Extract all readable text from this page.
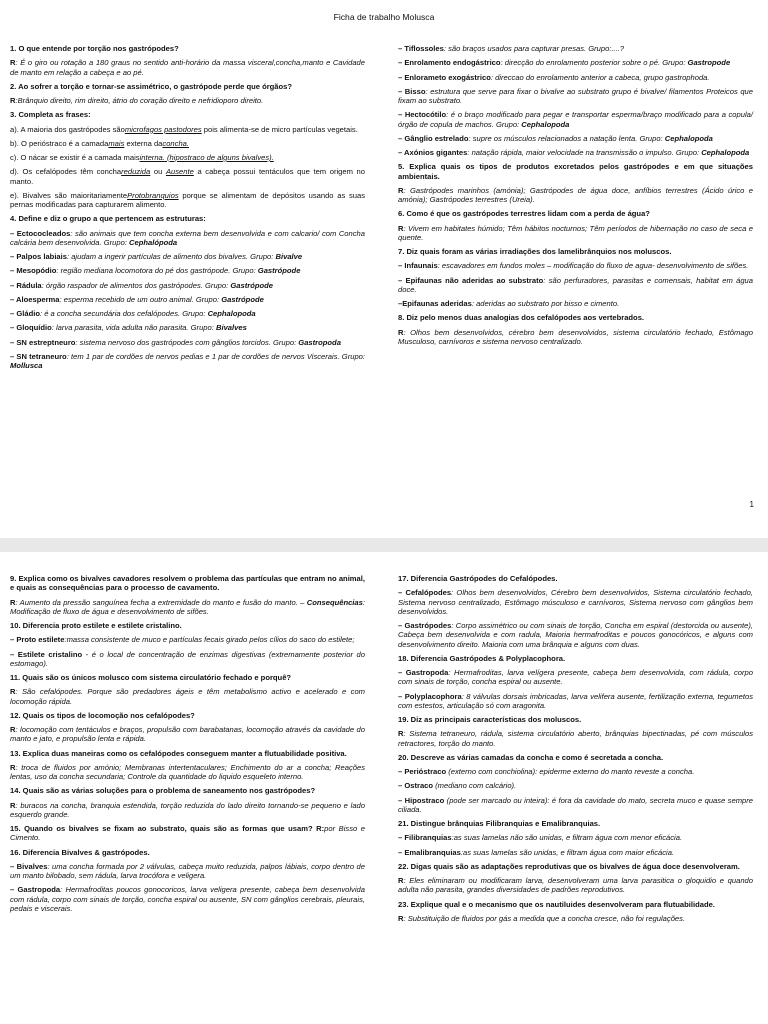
Ficha de trabalho Molusca
1. O que entende por torção nos gastrópodes?
R: É o giro ou rotação a 180 graus no sentido anti-horário da massa visceral,concha,manto e Cavidade de manto em relação a cabeça e ao pé.
2. Ao sofrer a torção e tornar-se assimétrico, o gastrópode perde que órgãos?
R:Brânquio direito, rim direito, átrio do coração direito e nefridioporo direito.
3. Completa as frases:
a). A maioria dos gastrópodes sãomicrofagos pastodores pois alimenta-se de micro partículas vegetais.
b). O perióstraco é a camadamais externa daconcha.
c). O nácar se existir é a camada maisinterna. (hipostraco de alguns bivalves).
d). Os cefalópodes têm conchareduzida ou Ausente a cabeça possui tentáculos que tem origem no manto.
e). Bivalves são maioritariamenteProtobranquios porque se alimentam de depósitos usando as suas pernas modificadas para capturarem alimento.
4. Define e diz o grupo a que pertencem as estruturas:
– Ectococleados: são animais que tem concha externa bem desenvolvida e com calcario/ com Concha calcária bem desenvolvida. Grupo: Cephalópoda
– Palpos labiais: ajudam a ingerir partículas de alimento dos bivalves. Grupo: Bivalve
– Mesopódio: região mediana locomotora do pé dos gastrópode. Grupo: Gastrópode
– Rádula: órgão raspador de alimentos dos gastrópodes. Grupo: Gastrópode
– Aloesperma: esperma recebido de um outro animal. Grupo: Gastrópode
– Gládio: é a concha secundária dos cefalópodes. Grupo: Cephalopoda
– Gloquídio: larva parasita, vida adulta não parasita. Grupo: Bivalves
– SN estreptneuro: sistema nervoso dos gastrópodes com gânglios torcidos. Grupo: Gastropoda
– SN tetraneuro: tem 1 par de cordões de nervos pedias e 1 par de cordões de nervos Viscerais. Grupo: Mollusca
– Tiflossoles: são braços usados para capturar presas. Grupo:....?
– Enrolamento endogástrico: direcção do enrolamento posterior sobre o pé. Grupo: Gastropode
– Enlorameto exogástrico: direccao do enrolamento anterior a cabeca, grupo gastrophoda.
– Bisso: estrutura que serve para fixar o bivalve ao substrato grupo é bivalve/ filamentos Proteicos que fixam ao substrato.
– Hectocótilo: é o braço modificado para pegar e transportar esperma/braço modificado para a copula/órgão de copula de machos. Grupo: Cephalopoda
– Gânglio estrelado: supre os músculos relacionados a natação lenta. Grupo: Cephalopoda
– Axónios gigantes: natação rápida, maior velocidade na transmissão o impulso. Grupo: Cephalopoda
5. Explica quais os tipos de produtos excretados pelos gastrópodes e em que situações ambientais.
R: Gastrópodes marinhos (amónia); Gastrópodes de água doce, anfíbios terrestres (Ácido úrico e amónia); Gastrópodes terrestres (Ureia).
6. Como é que os gastrópodes terrestres lidam com a perda de água?
R: Vivem em habitates húmido; Têm hábitos nocturnos; Têm períodos de hibernação no caso de seca e quente.
7. Diz quais foram as várias irradiações dos lamelibrânquios nos moluscos.
– Infaunais: escavadores em fundos moles – modificação do fluxo de agua- desenvolvimento de sifões.
– Epifaunas não aderidas ao substrato: são perfuradores, parasitas e comensais, habitat em água doce.
–Epifaunas aderidas: aderidas ao substrato por bisso e cimento.
8. Diz pelo menos duas analogias dos cefalópodes aos vertebrados.
R: Olhos bem desenvolvidos, cérebro bem desenvolvidos, sistema circulatório fechado, Estômago Musculoso, carnívoros e sistema nervoso centralizado.
1
9. Explica como os bivalves cavadores resolvem o problema das partículas que entram no animal, e quais as consequências para o processo de cavamento.
R: Aumento da pressão sanguínea fecha a extremidade do manto e fusão do manto. – Consequências: Modificação de fluxo de água e desenvolvimento de sifões.
10. Diferencia proto estilete e estilete cristalino.
– Proto estilete:massa consistente de muco e partículas fecais girado pelos cílios do saco do estilete;
– Estilete cristalino - é o local de concentração de enzimas digestivas (extremamente posterior do estomago).
11. Quais são os únicos molusco com sistema circulatório fechado e porquê?
R: São cefalópodes. Porque são predadores ágeis e têm metabolismo activo e acelerado e com locomoção rápida.
12. Quais os tipos de locomoção nos cefalópodes?
R: locomoção com tentáculos e braços, propulsão com barabatanas, locomoção através da cavidade do manto e jato, e propulsão lenta e rápida.
13. Explica duas maneiras como os cefalópodes conseguem manter a flutuabilidade positiva.
R: troca de fluidos por amónio; Membranas intertentaculares; Enchimento do ar a concha; Reações lentas, uso da concha secundaria; Controle da quantidade do liquido esqueleto interno.
14. Quais são as várias soluções para o problema de saneamento nos gastrópodes?
R: buracos na concha, branquia estendida, torção reduzida do lado direito tornando-se pequeno e lado esquerdo grande.
15. Quando os bivalves se fixam ao substrato, quais são as formas que usam? R:por Bisso e Cimento.
16. Diferencia Bivalves & gastrópodes.
– Bivalves: uma concha formada por 2 válvulas, cabeça muito reduzida, palpos lábiais, corpo dentro de um manto bilobado, sem rádula, larva trocófora e veligera.
– Gastropoda: Hermafroditas poucos gonocoricos, larva veligera presente, cabeça bem desenvolvida com rádula, corpo com sinais de torção, concha espiral ou ausente, SN com gânglios cerebrais, pleurais, pedais e viscerais.
17. Diferencia Gastrópodes do Cefalópodes.
– Cefalópodes: Olhos bem desenvolvidos, Cérebro bem desenvolvidos, Sistema circulatório fechado, Sistema nervoso centralizado, Estômago músculoso e carnívoros, Sistema nervoso com gânglios bem desenvolvidos.
– Gastrópodes: Corpo assimétrico ou com sinais de torção, Concha em espiral (destorcida ou ausente), Cabeça bem desenvolvida e com radula, Maioria hermafroditas e poucos gonocóricos, e alguns com desenvolvimento direito. Maioria com uma brânquia e alguns com duas.
18. Diferencia Gastrópodes & Polyplacophora.
– Gastropoda: Hermafroditas, larva velígera presente, cabeça bem desenvolvida, com rádula, corpo com sinais de torção, concha espiral ou ausente.
– Polyplacophora: 8 válvulas dorsais imbricadas, larva velifera ausente, fertilização externa, tegumetos com estestos, articulação só com aragonita.
19. Diz as principais características dos moluscos.
R: Sistema tetraneuro, rádula, sistema circulatório aberto, brânquias bipectinadas, pé com músculos retractores, torção do manto.
20. Descreve as várias camadas da concha e como é secretada a concha.
– Perióstraco (externo com conchiolina): epiderme externo do manto reveste a concha.
– Ostraco (mediano com calcário).
– Hipostraco (pode ser marcado ou inteira): é fora da cavidade do mato, secreta muco e quase sempre ciliada.
21. Distingue brânquias Filibranquias e Emalibranquias.
– Filibranquias:as suas lamelas não são unidas, e filtram água com menor eficácia.
– Emalibranquias:as suas lamelas são unidas, e filtram água com maior eficácia.
22. Digas quais são as adaptações reprodutivas que os bivalves de água doce desenvolveram.
R: Eles eliminaram ou modificaram larva, desenvolveram uma larva parasitica o gloquidio e quando adulta não parasita, grandes diversidades de padrões reprodutivos.
23. Explique qual e o mecanismo que os nautiluides desenvolveram para flutuabilidade.
R: Substituição de fluidos por gás a medida que a concha cresce, não foi regulações.
